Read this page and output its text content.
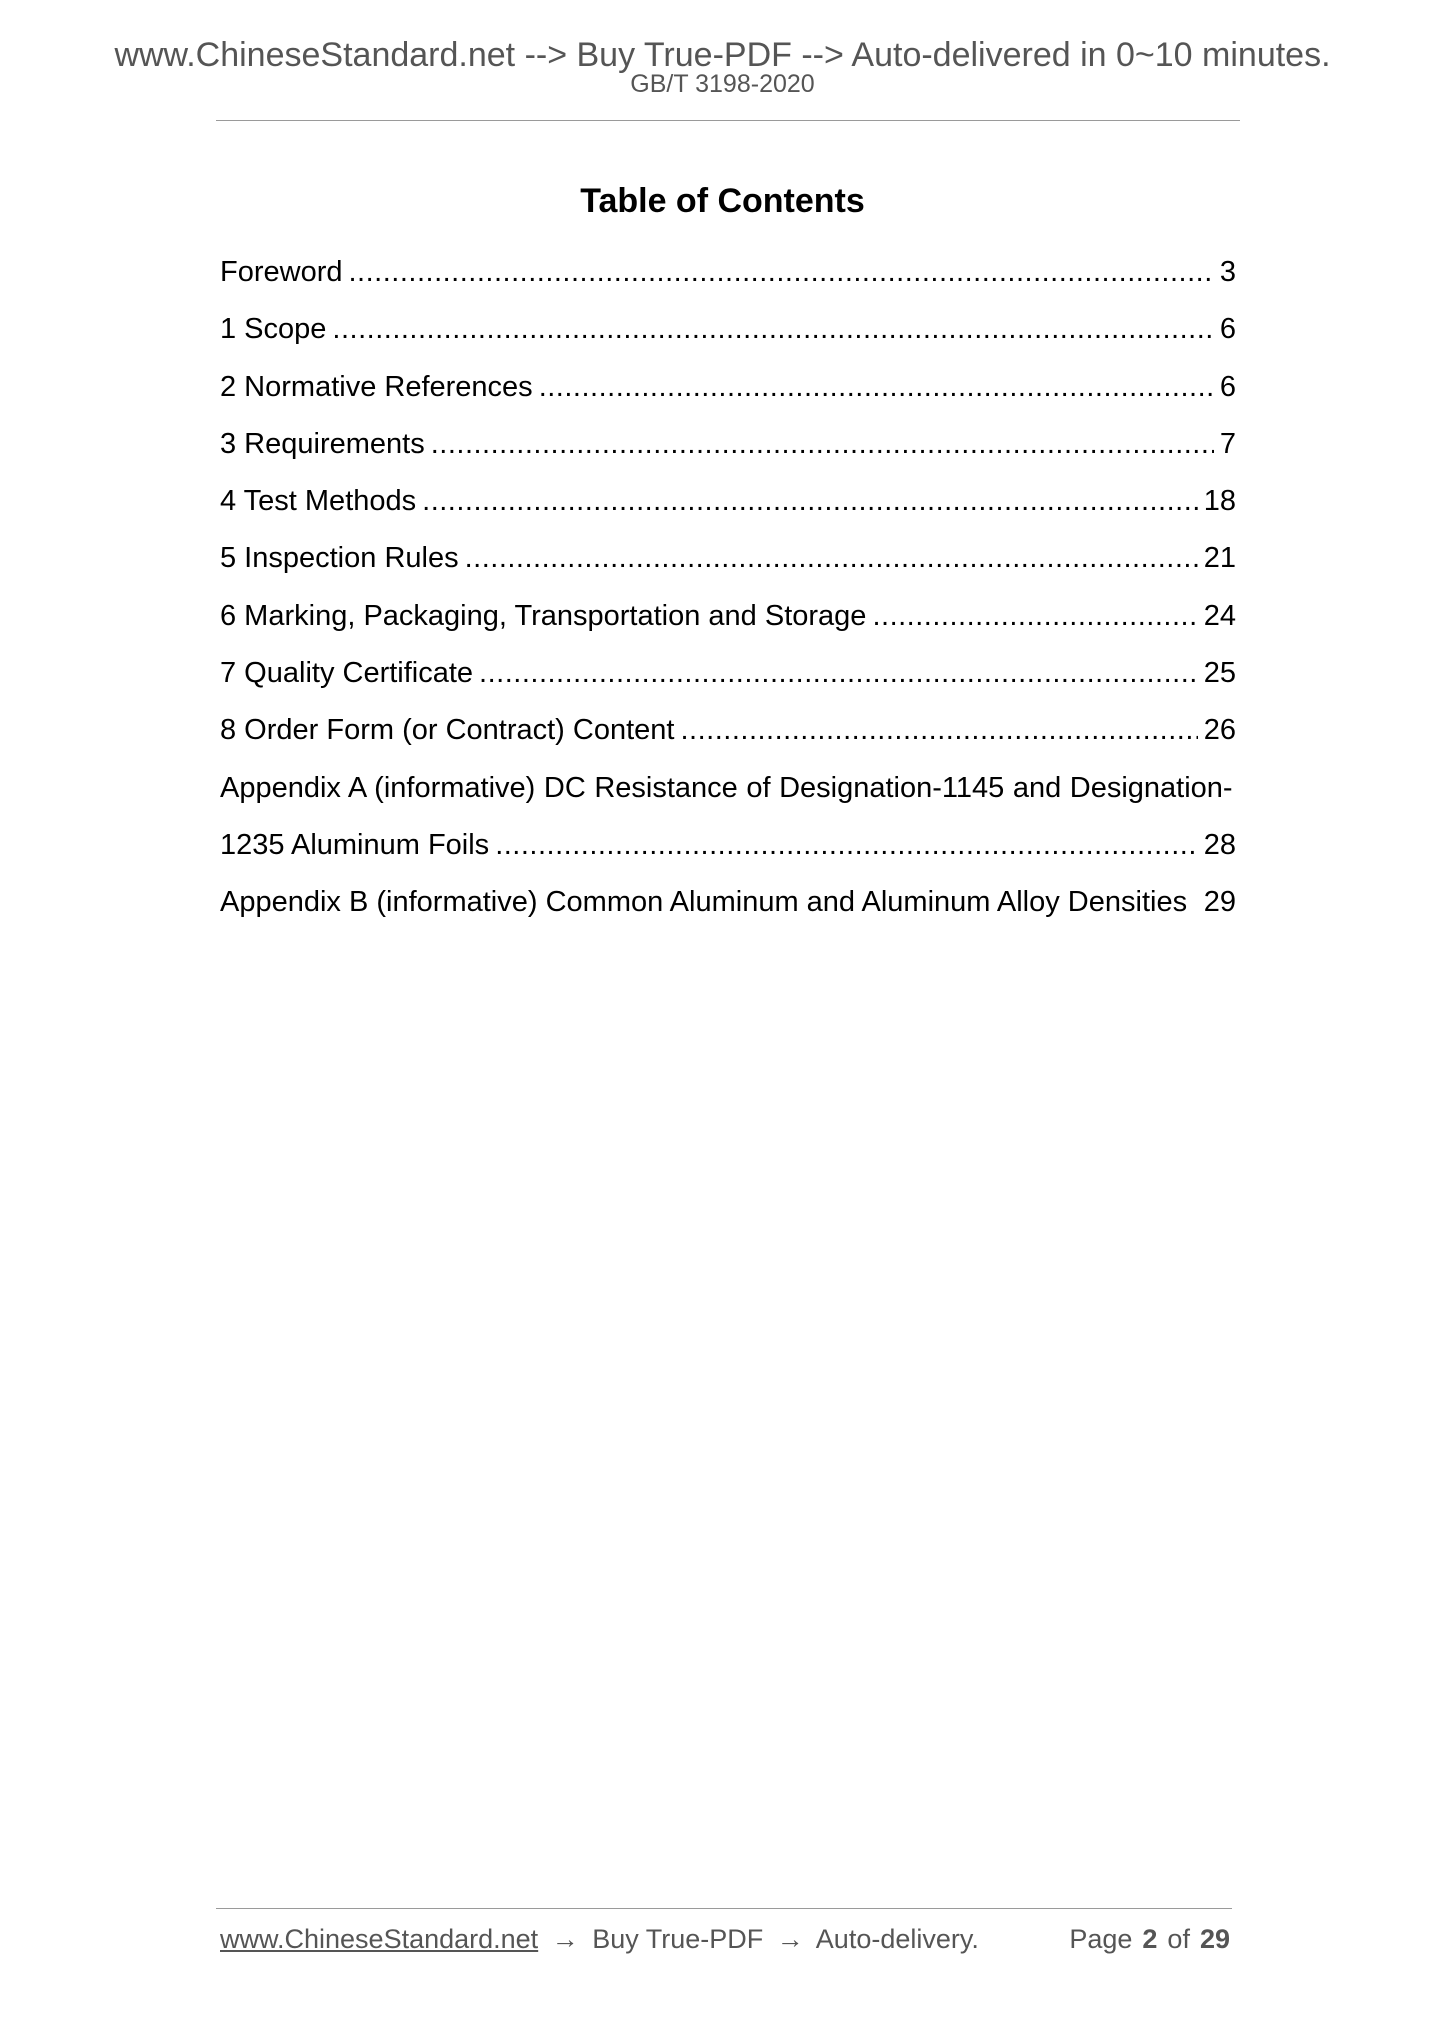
www.ChineseStandard.net --> Buy True-PDF --> Auto-delivered in 0~10 minutes.
GB/T 3198-2020
Table of Contents
Foreword .....	3
1 Scope .....	6
2 Normative References .....	6
3 Requirements .....	7
4 Test Methods .....	18
5 Inspection Rules .....	21
6 Marking, Packaging, Transportation and Storage .....	24
7 Quality Certificate .....	25
8 Order Form (or Contract) Content .....	26
Appendix A (informative) DC Resistance of Designation-1145 and Designation-
1235 Aluminum Foils .....	28
Appendix B (informative) Common Aluminum and Aluminum Alloy Densities 29
www.ChineseStandard.net → Buy True-PDF → Auto-delivery.	Page 2 of 29
